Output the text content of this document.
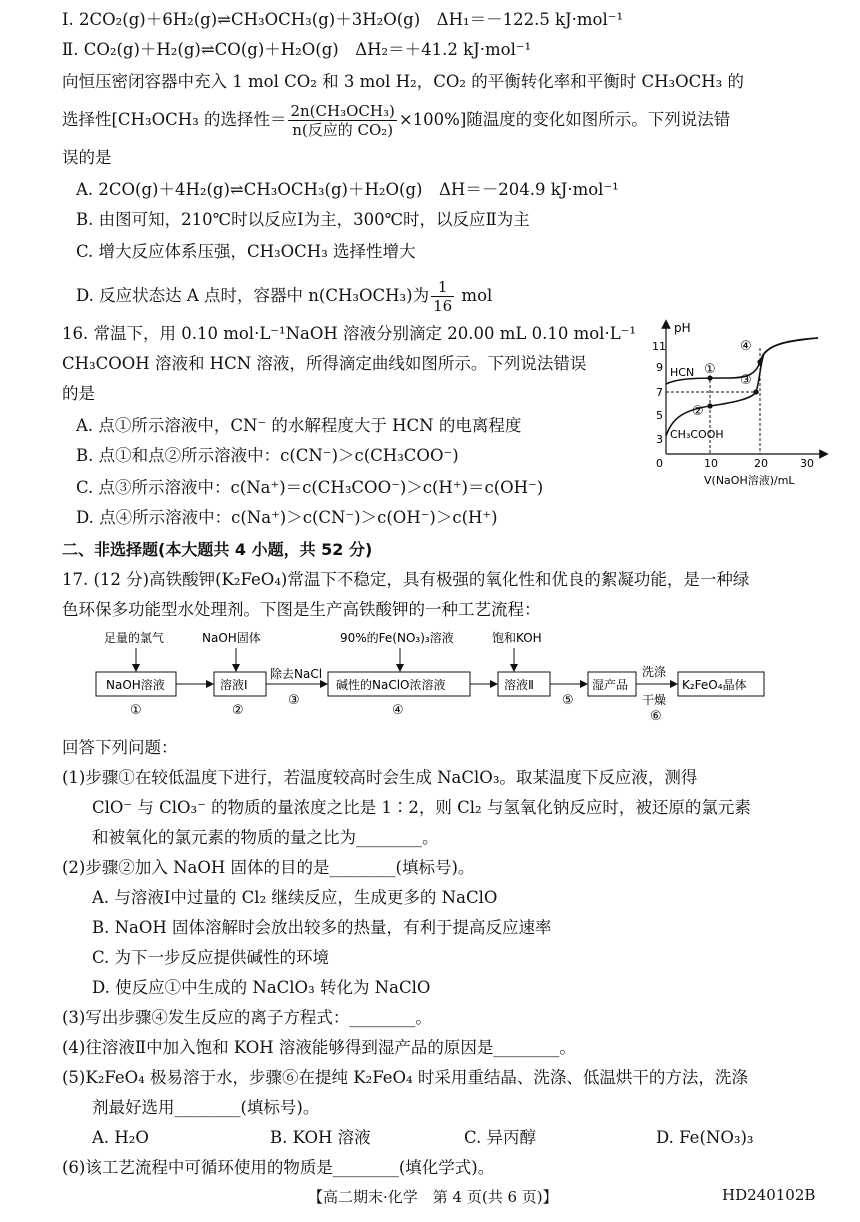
Ⅰ. 2CO₂(g)＋6H₂(g)⇌CH₃OCH₃(g)＋3H₂O(g)　ΔH₁＝－122.5 kJ·mol⁻¹
Ⅱ. CO₂(g)＋H₂(g)⇌CO(g)＋H₂O(g)　ΔH₂＝＋41.2 kJ·mol⁻¹
向恒压密闭容器中充入 1 mol CO₂ 和 3 mol H₂，CO₂ 的平衡转化率和平衡时 CH₃OCH₃ 的
选择性[CH₃OCH₃ 的选择性＝ $\frac{\text{2n(CH₃OCH₃)}}{\text{n(反应的 CO₂)}} \times 100\%$]随温度的变化如图所示。下列说法错
误的是
A. 2CO(g)＋4H₂(g)⇌CH₃OCH₃(g)＋H₂O(g)　ΔH＝－204.9 kJ·mol⁻¹
B. 由图可知，210℃时以反应Ⅰ为主，300℃时，以反应Ⅱ为主
C. 增大反应体系压强，CH₃OCH₃ 选择性增大
D. 反应状态达 A 点时，容器中 n(CH₃OCH₃)为 $\frac{1}{16}$ mol
16. 常温下，用 0.10 mol·L⁻¹NaOH 溶液分别滴定 20.00 mL 0.10 mol·L⁻¹
CH₃COOH 溶液和 HCN 溶液，所得滴定曲线如图所示。下列说法错误
的是
A. 点①所示溶液中，CN⁻ 的水解程度大于 HCN 的电离程度
B. 点①和点②所示溶液中：c(CN⁻)＞c(CH₃COO⁻)
C. 点③所示溶液中：c(Na⁺)＝c(CH₃COO⁻)＞c(H⁺)＝c(OH⁻)
D. 点④所示溶液中：c(Na⁺)＞c(CN⁻)＞c(OH⁻)＞c(H⁺)
pH
0
11
9
7
5
3
10	20	30
V(NaOH溶液)/mL
HCN
CH₃COOH
①
②
③
④
二、非选择题(本大题共 4 小题，共 52 分)
17. (12 分)高铁酸钾(K₂FeO₄)常温下不稳定，具有极强的氧化性和优良的絮凝功能，是一种绿
色环保多功能型水处理剂。下图是生产高铁酸钾的一种工艺流程：
足量的氯气	NaOH固体	90%的Fe(NO₃)₃溶液	饱和KOH
NaOH溶液	溶液Ⅰ	碱性的NaClO浓溶液	溶液Ⅱ	湿产品	K₂FeO₄晶体
除去NaCl	洗涤
干燥
①	②
③
④
⑤
⑥
回答下列问题：
(1)步骤①在较低温度下进行，若温度较高时会生成 NaClO₃。取某温度下反应液，测得
ClO⁻ 与 ClO₃⁻ 的物质的量浓度之比是 1∶2，则 Cl₂ 与氢氧化钠反应时，被还原的氯元素
和被氧化的氯元素的物质的量之比为________。
(2)步骤②加入 NaOH 固体的目的是________(填标号)。
A. 与溶液Ⅰ中过量的 Cl₂ 继续反应，生成更多的 NaClO
B. NaOH 固体溶解时会放出较多的热量，有利于提高反应速率
C. 为下一步反应提供碱性的环境
D. 使反应①中生成的 NaClO₃ 转化为 NaClO
(3)写出步骤④发生反应的离子方程式：________。
(4)往溶液Ⅱ中加入饱和 KOH 溶液能够得到湿产品的原因是________。
(5)K₂FeO₄ 极易溶于水，步骤⑥在提纯 K₂FeO₄ 时采用重结晶、洗涤、低温烘干的方法，洗涤
剂最好选用________(填标号)。
A. H₂O	B. KOH 溶液	C. 异丙醇	D. Fe(NO₃)₃
(6)该工艺流程中可循环使用的物质是________(填化学式)。
【高二期末·化学　第 4 页(共 6 页)】	HD240102B
